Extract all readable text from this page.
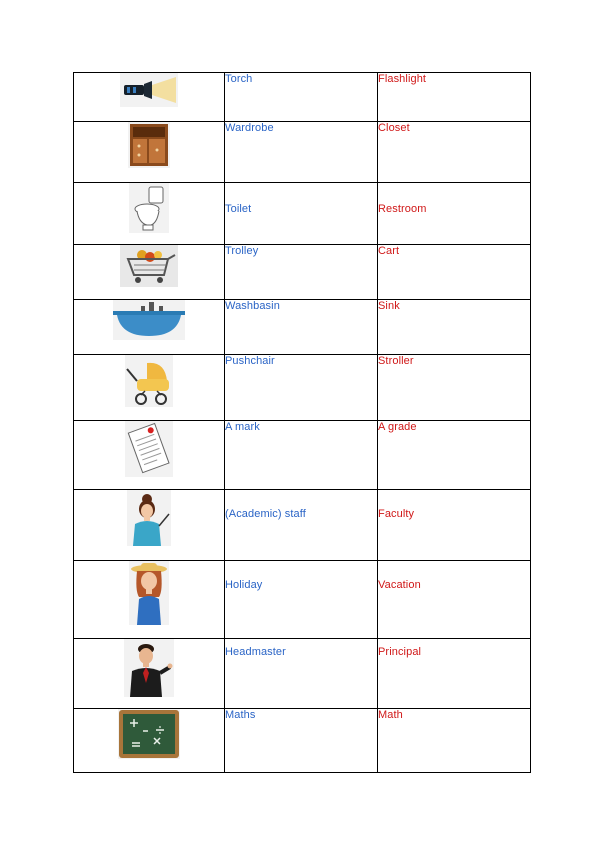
	Torch	Flashlight

	Wardrobe	Closet

	Toilet	Restroom

	Trolley	Cart

	Washbasin	Sink

	Pushchair	Stroller

	A mark	A grade

	(Academic) staff	Faculty

	Holiday	Vacation

	Headmaster	Principal

	Maths	Math
